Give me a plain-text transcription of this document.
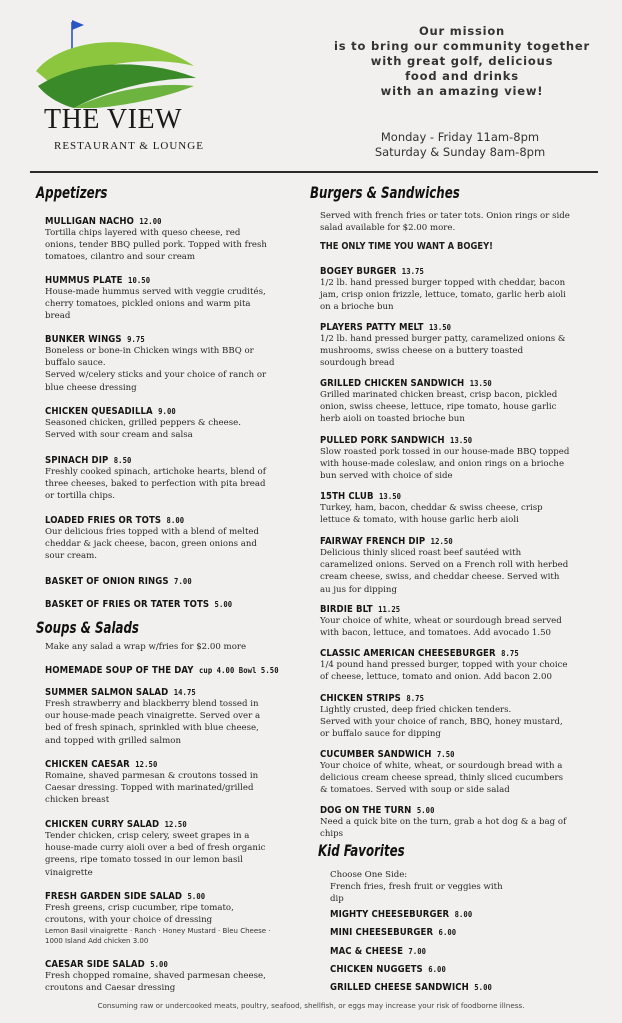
THE VIEW
RESTAURANT & LOUNGE
Our mission
is to bring our community together
with great golf, delicious
food and drinks
with an amazing view!
Monday - Friday 11am-8pm
Saturday & Sunday 8am-8pm
Appetizers
MULLIGAN NACHO 12.00
Tortilla chips layered with queso cheese, red
onions, tender BBQ pulled pork. Topped with fresh
tomatoes, cilantro and sour cream
HUMMUS PLATE 10.50
House-made hummus served with veggie crudités,
cherry tomatoes, pickled onions and warm pita
bread
BUNKER WINGS 9.75
Boneless or bone-in Chicken wings with BBQ or
buffalo sauce.
Served w/celery sticks and your choice of ranch or
blue cheese dressing
CHICKEN QUESADILLA 9.00
Seasoned chicken, grilled peppers & cheese.
Served with sour cream and salsa
SPINACH DIP 8.50
Freshly cooked spinach, artichoke hearts, blend of
three cheeses, baked to perfection with pita bread
or tortilla chips.
LOADED FRIES OR TOTS 8.00
Our delicious fries topped with a blend of melted
cheddar & jack cheese, bacon, green onions and
sour cream.
BASKET OF ONION RINGS 7.00
BASKET OF FRIES OR TATER TOTS 5.00
Soups & Salads
Make any salad a wrap w/fries for $2.00 more
HOMEMADE SOUP OF THE DAY cup 4.00 Bowl 5.50
SUMMER SALMON SALAD 14.75
Fresh strawberry and blackberry blend tossed in
our house-made peach vinaigrette. Served over a
bed of fresh spinach, sprinkled with blue cheese,
and topped with grilled salmon
CHICKEN CAESAR 12.50
Romaine, shaved parmesan & croutons tossed in
Caesar dressing. Topped with marinated/grilled
chicken breast
CHICKEN CURRY SALAD 12.50
Tender chicken, crisp celery, sweet grapes in a
house-made curry aioli over a bed of fresh organic
greens, ripe tomato tossed in our lemon basil
vinaigrette
FRESH GARDEN SIDE SALAD 5.00
Fresh greens, crisp cucumber, ripe tomato,
croutons, with your choice of dressing
Lemon Basil vinaigrette · Ranch · Honey Mustard · Bleu Cheese ·
1000 Island Add chicken 3.00
CAESAR SIDE SALAD 5.00
Fresh chopped romaine, shaved parmesan cheese,
croutons and Caesar dressing
Burgers & Sandwiches
Served with french fries or tater tots. Onion rings or side
salad available for $2.00 more.
THE ONLY TIME YOU WANT A BOGEY!
BOGEY BURGER 13.75
1/2 lb. hand pressed burger topped with cheddar, bacon
jam, crisp onion frizzle, lettuce, tomato, garlic herb aioli
on a brioche bun
PLAYERS PATTY MELT 13.50
1/2 lb. hand pressed burger patty, caramelized onions &
mushrooms, swiss cheese on a buttery toasted
sourdough bread
GRILLED CHICKEN SANDWICH 13.50
Grilled marinated chicken breast, crisp bacon, pickled
onion, swiss cheese, lettuce, ripe tomato, house garlic
herb aioli on toasted brioche bun
PULLED PORK SANDWICH 13.50
Slow roasted pork tossed in our house-made BBQ topped
with house-made coleslaw, and onion rings on a brioche
bun served with choice of side
15TH CLUB 13.50
Turkey, ham, bacon, cheddar & swiss cheese, crisp
lettuce & tomato, with house garlic herb aioli
FAIRWAY FRENCH DIP 12.50
Delicious thinly sliced roast beef sautéed with
caramelized onions. Served on a French roll with herbed
cream cheese, swiss, and cheddar cheese. Served with
au jus for dipping
BIRDIE BLT 11.25
Your choice of white, wheat or sourdough bread served
with bacon, lettuce, and tomatoes. Add avocado 1.50
CLASSIC AMERICAN CHEESEBURGER 8.75
1/4 pound hand pressed burger, topped with your choice
of cheese, lettuce, tomato and onion. Add bacon 2.00
CHICKEN STRIPS 8.75
Lightly crusted, deep fried chicken tenders.
Served with your choice of ranch, BBQ, honey mustard,
or buffalo sauce for dipping
CUCUMBER SANDWICH 7.50
Your choice of white, wheat, or sourdough bread with a
delicious cream cheese spread, thinly sliced cucumbers
& tomatoes. Served with soup or side salad
DOG ON THE TURN 5.00
Need a quick bite on the turn, grab a hot dog & a bag of
chips
Kid Favorites
Choose One Side:
French fries, fresh fruit or veggies with
dip
MIGHTY CHEESEBURGER 8.00
MINI CHEESEBURGER 6.00
MAC & CHEESE 7.00
CHICKEN NUGGETS 6.00
GRILLED CHEESE SANDWICH 5.00
Consuming raw or undercooked meats, poultry, seafood, shellfish, or eggs may increase your risk of foodborne illness.
